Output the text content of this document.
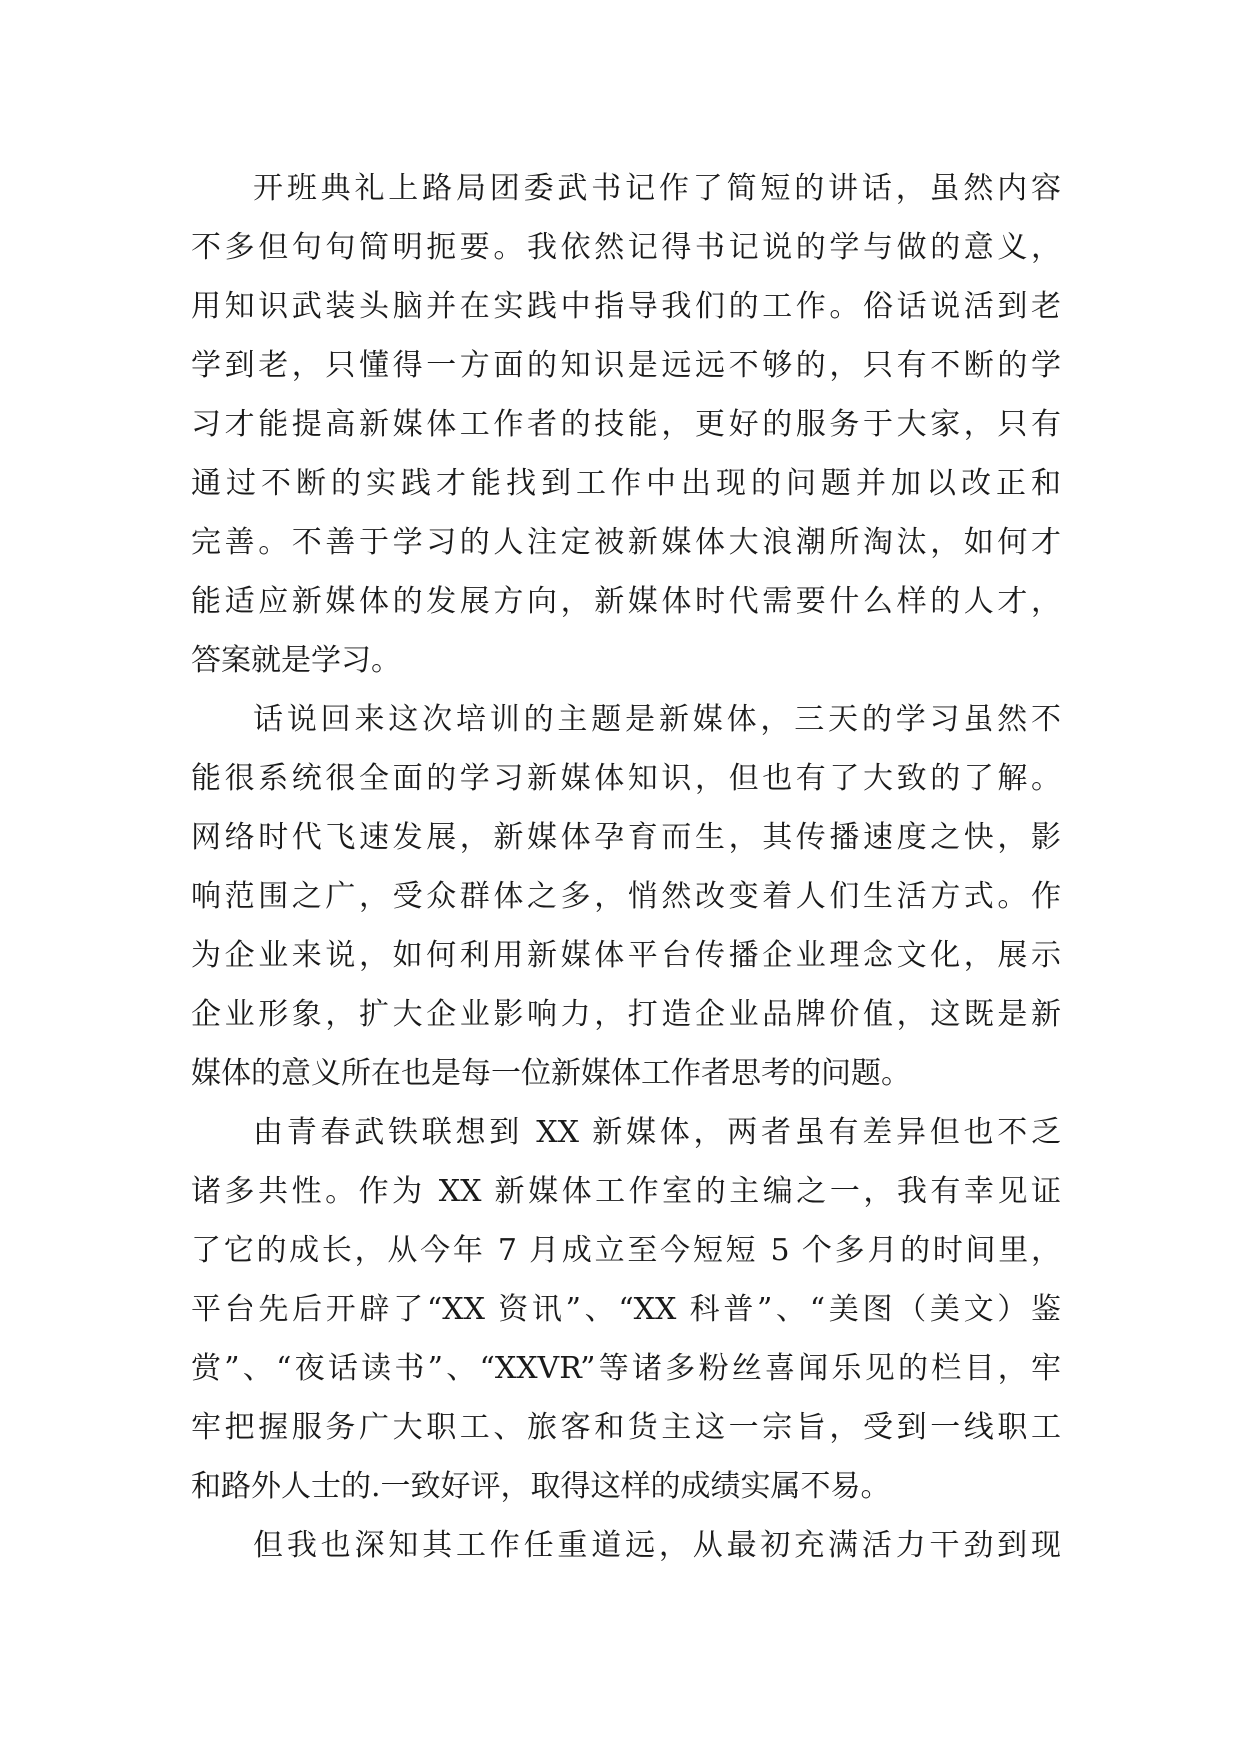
开班典礼上路局团委武书记作了简短的讲话，虽然内容
不多但句句简明扼要。我依然记得书记说的学与做的意义，
用知识武装头脑并在实践中指导我们的工作。俗话说活到老
学到老，只懂得一方面的知识是远远不够的，只有不断的学
习才能提高新媒体工作者的技能，更好的服务于大家，只有
通过不断的实践才能找到工作中出现的问题并加以改正和
完善。不善于学习的人注定被新媒体大浪潮所淘汰，如何才
能适应新媒体的发展方向，新媒体时代需要什么样的人才，
答案就是学习。
话说回来这次培训的主题是新媒体，三天的学习虽然不
能很系统很全面的学习新媒体知识，但也有了大致的了解。
网络时代飞速发展，新媒体孕育而生，其传播速度之快，影
响范围之广，受众群体之多，悄然改变着人们生活方式。作
为企业来说，如何利用新媒体平台传播企业理念文化，展示
企业形象，扩大企业影响力，打造企业品牌价值，这既是新
媒体的意义所在也是每一位新媒体工作者思考的问题。
由青春武铁联想到 XX 新媒体，两者虽有差异但也不乏
诸多共性。作为 XX 新媒体工作室的主编之一，我有幸见证
了它的成长，从今年 7 月成立至今短短 5 个多月的时间里，
平台先后开辟了“XX 资讯”、“XX 科普”、“美图（美文）鉴
赏”、“夜话读书”、“XXVR”等诸多粉丝喜闻乐见的栏目，牢
牢把握服务广大职工、旅客和货主这一宗旨，受到一线职工
和路外人士的.一致好评，取得这样的成绩实属不易。
但我也深知其工作任重道远，从最初充满活力干劲到现
